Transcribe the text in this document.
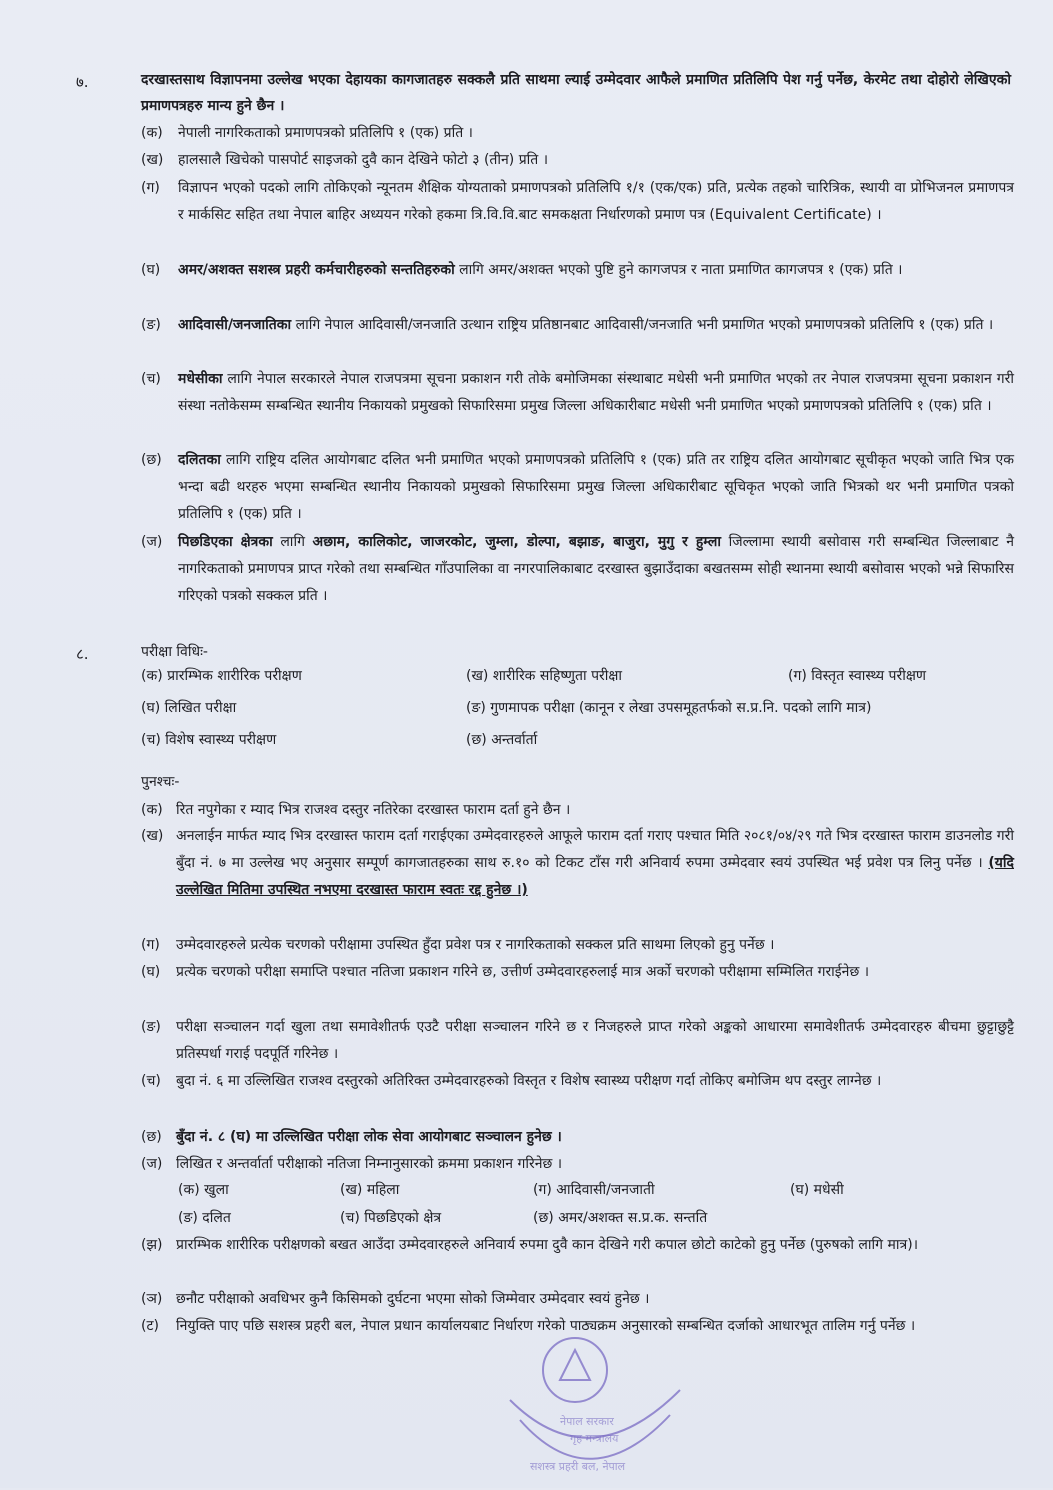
७.	दरखास्तसाथ विज्ञापनमा उल्लेख भएका देहायका कागजातहरु सक्कलै प्रति साथमा ल्याई उम्मेदवार आफैले प्रमाणित प्रतिलिपि पेश गर्नु पर्नेछ, केरमेट तथा दोहोरो लेखिएको प्रमाणपत्रहरु मान्य हुने छैन ।
(क) नेपाली नागरिकताको प्रमाणपत्रको प्रतिलिपि १ (एक) प्रति ।
(ख) हालसालै खिचेको पासपोर्ट साइजको दुवै कान देखिने फोटो ३ (तीन) प्रति ।
(ग) विज्ञापन भएको पदको लागि तोकिएको न्यूनतम शैक्षिक योग्यताको प्रमाणपत्रको प्रतिलिपि १/१ (एक/एक) प्रति, प्रत्येक तहको चारित्रिक, स्थायी वा प्रोभिजनल प्रमाणपत्र र मार्कसिट सहित तथा नेपाल बाहिर अध्ययन गरेको हकमा त्रि.वि.वि.बाट समकक्षता निर्धारणको प्रमाण पत्र (Equivalent Certificate) ।
(घ) अमर/अशक्त सशस्त्र प्रहरी कर्मचारीहरुको सन्ततिहरुको लागि अमर/अशक्त भएको पुष्टि हुने कागजपत्र र नाता प्रमाणित कागजपत्र १ (एक) प्रति ।
(ङ) आदिवासी/जनजातिका लागि नेपाल आदिवासी/जनजाति उत्थान राष्ट्रिय प्रतिष्ठानबाट आदिवासी/जनजाति भनी प्रमाणित भएको प्रमाणपत्रको प्रतिलिपि १ (एक) प्रति ।
(च) मधेसीका लागि नेपाल सरकारले नेपाल राजपत्रमा सूचना प्रकाशन गरी तोके बमोजिमका संस्थाबाट मधेसी भनी प्रमाणित भएको तर नेपाल राजपत्रमा सूचना प्रकाशन गरी संस्था नतोकेसम्म सम्बन्धित स्थानीय निकायको प्रमुखको सिफारिसमा प्रमुख जिल्ला अधिकारीबाट मधेसी भनी प्रमाणित भएको प्रमाणपत्रको प्रतिलिपि १ (एक) प्रति ।
(छ) दलितका लागि राष्ट्रिय दलित आयोगबाट दलित भनी प्रमाणित भएको प्रमाणपत्रको प्रतिलिपि १ (एक) प्रति तर राष्ट्रिय दलित आयोगबाट सूचीकृत भएको जाति भित्र एक भन्दा बढी थरहरु भएमा सम्बन्धित स्थानीय निकायको प्रमुखको सिफारिसमा प्रमुख जिल्ला अधिकारीबाट सूचिकृत भएको जाति भित्रको थर भनी प्रमाणित पत्रको प्रतिलिपि १ (एक) प्रति ।
(ज) पिछडिएका क्षेत्रका लागि अछाम, कालिकोट, जाजरकोट, जुम्ला, डोल्पा, बझाङ, बाजुरा, मुगु र हुम्ला जिल्लामा स्थायी बसोवास गरी सम्बन्धित जिल्लाबाट नै नागरिकताको प्रमाणपत्र प्राप्त गरेको तथा सम्बन्धित गाँउपालिका वा नगरपालिकाबाट दरखास्त बुझाउँदाका बखतसम्म सोही स्थानमा स्थायी बसोवास भएको भन्ने सिफारिस गरिएको पत्रको सक्कल प्रति ।
८.	परीक्षा विधिः-
(क) प्रारम्भिक शारीरिक परीक्षण	(ख) शारीरिक सहिष्णुता परीक्षा	(ग) विस्तृत स्वास्थ्य परीक्षण
(घ) लिखित परीक्षा	(ङ) गुणमापक परीक्षा (कानून र लेखा उपसमूहतर्फको स.प्र.नि. पदको लागि मात्र)
(च) विशेष स्वास्थ्य परीक्षण	(छ) अन्तर्वार्ता
पुनश्चः-
(क) रित नपुगेका र म्याद भित्र राजश्व दस्तुर नतिरेका दरखास्त फाराम दर्ता हुने छैन ।
(ख) अनलाईन मार्फत म्याद भित्र दरखास्त फाराम दर्ता गराईएका उम्मेदवारहरुले आफूले फाराम दर्ता गराए पश्चात मिति २०८१/०४/२९ गते भित्र दरखास्त फाराम डाउनलोड गरी बुँदा नं. ७ मा उल्लेख भए अनुसार सम्पूर्ण कागजातहरुका साथ रु.१० को टिकट टाँस गरी अनिवार्य रुपमा उम्मेदवार स्वयं उपस्थित भई प्रवेश पत्र लिनु पर्नेछ । (यदि उल्लेखित मितिमा उपस्थित नभएमा दरखास्त फाराम स्वतः रद्द हुनेछ ।)
(ग) उम्मेदवारहरुले प्रत्येक चरणको परीक्षामा उपस्थित हुँदा प्रवेश पत्र र नागरिकताको सक्कल प्रति साथमा लिएको हुनु पर्नेछ ।
(घ) प्रत्येक चरणको परीक्षा समाप्ति पश्चात नतिजा प्रकाशन गरिने छ, उत्तीर्ण उम्मेदवारहरुलाई मात्र अर्को चरणको परीक्षामा सम्मिलित गराईनेछ ।
(ङ) परीक्षा सञ्चालन गर्दा खुला तथा समावेशीतर्फ एउटै परीक्षा सञ्चालन गरिने छ र निजहरुले प्राप्त गरेको अङ्कको आधारमा समावेशीतर्फ उम्मेदवारहरु बीचमा छुट्टाछुट्टै प्रतिस्पर्धा गराई पदपूर्ति गरिनेछ ।
(च) बुदा नं. ६ मा उल्लिखित राजश्व दस्तुरको अतिरिक्त उम्मेदवारहरुको विस्तृत र विशेष स्वास्थ्य परीक्षण गर्दा तोकिए बमोजिम थप दस्तुर लाग्नेछ ।
(छ) बुँदा नं. ८ (घ) मा उल्लिखित परीक्षा लोक सेवा आयोगबाट सञ्चालन हुनेछ ।
(ज) लिखित र अन्तर्वार्ता परीक्षाको नतिजा निम्नानुसारको क्रममा प्रकाशन गरिनेछ ।
(क) खुला	(ख) महिला	(ग) आदिवासी/जनजाती	(घ) मधेसी
(ङ) दलित	(च) पिछडिएको क्षेत्र	(छ) अमर/अशक्त स.प्र.क. सन्तति
(झ) प्रारम्भिक शारीरिक परीक्षणको बखत आउँदा उम्मेदवारहरुले अनिवार्य रुपमा दुवै कान देखिने गरी कपाल छोटो काटेको हुनु पर्नेछ (पुरुषको लागि मात्र)।
(ञ) छनौट परीक्षाको अवधिभर कुनै किसिमको दुर्घटना भएमा सोको जिम्मेवार उम्मेदवार स्वयं हुनेछ ।
(ट) नियुक्ति पाए पछि सशस्त्र प्रहरी बल, नेपाल प्रधान कार्यालयबाट निर्धारण गरेको पाठ्यक्रम अनुसारको सम्बन्धित दर्जाको आधारभूत तालिम गर्नु पर्नेछ ।
नेपाल सरकार
गृह मन्त्रालय
सशस्त्र प्रहरी बल, नेपाल
